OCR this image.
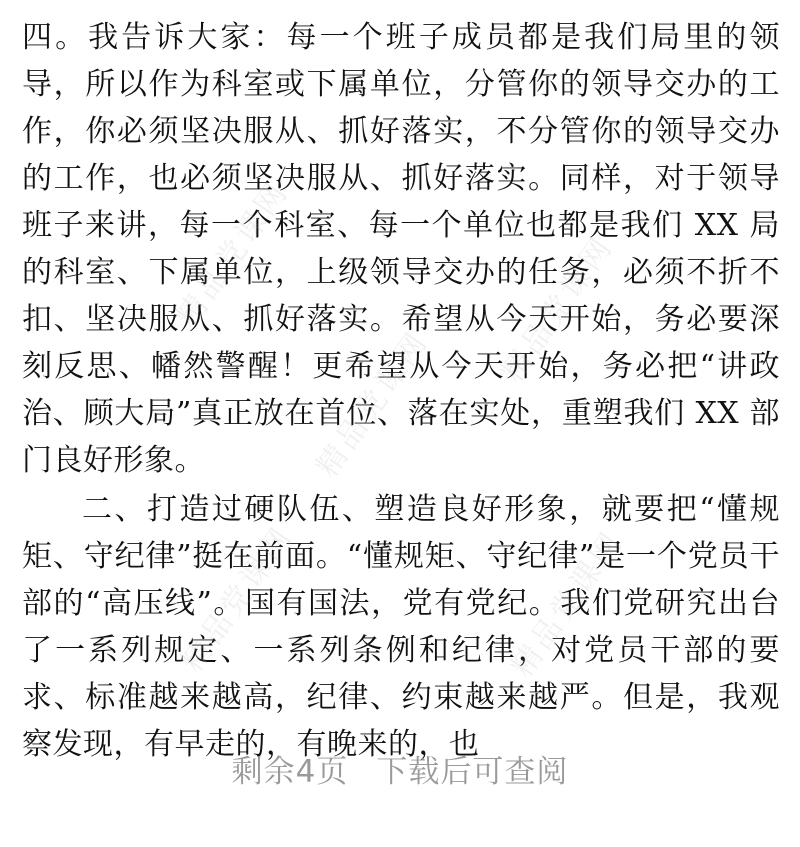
四。我告诉大家：每一个班子成员都是我们局里的领导，所以作为科室或下属单位，分管你的领导交办的工作，你必须坚决服从、抓好落实，不分管你的领导交办的工作，也必须坚决服从、抓好落实。同样，对于领导班子来讲，每一个科室、每一个单位也都是我们 XX 局的科室、下属单位，上级领导交办的任务，必须不折不扣、坚决服从、抓好落实。希望从今天开始，务必要深刻反思、幡然警醒！更希望从今天开始，务必把“讲政治、顾大局”真正放在首位、落在实处，重塑我们 XX 部门良好形象。

二、打造过硬队伍、塑造良好形象，就要把“懂规矩、守纪律”挺在前面。“懂规矩、守纪律”是一个党员干部的“高压线”。国有国法，党有党纪。我们党研究出台了一系列规定、一系列条例和纪律，对党员干部的要求、标准越来越高，纪律、约束越来越严。但是，我观察发现，有早走的，有晚来的，也

精品党课网	精品党课网
精品党课网
精品党课网	精品党课网
剩余4页 下载后可查阅
